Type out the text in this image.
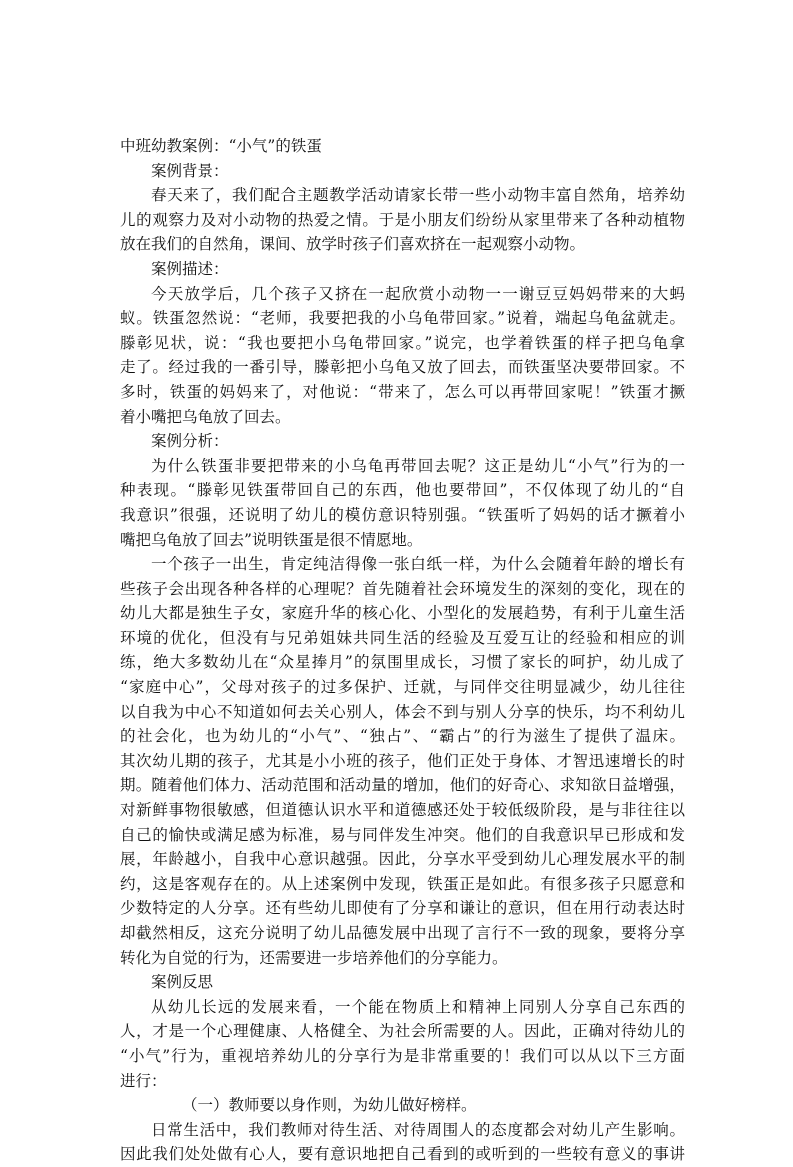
中班幼教案例：“小气”的铁蛋
案例背景：
春天来了，我们配合主题教学活动请家长带一些小动物丰富自然角，培养幼
儿的观察力及对小动物的热爱之情。于是小朋友们纷纷从家里带来了各种动植物
放在我们的自然角，课间、放学时孩子们喜欢挤在一起观察小动物。
案例描述：
今天放学后，几个孩子又挤在一起欣赏小动物一一谢豆豆妈妈带来的大蚂
蚁。铁蛋忽然说：“老师，我要把我的小乌龟带回家。”说着，端起乌龟盆就走。
滕彰见状，说：“我也要把小乌龟带回家。”说完，也学着铁蛋的样子把乌龟拿
走了。经过我的一番引导，滕彰把小乌龟又放了回去，而铁蛋坚决要带回家。不
多时，铁蛋的妈妈来了，对他说：“带来了，怎么可以再带回家呢！”铁蛋才撅
着小嘴把乌龟放了回去。
案例分析：
为什么铁蛋非要把带来的小乌龟再带回去呢？这正是幼儿“小气”行为的一
种表现。“滕彰见铁蛋带回自己的东西，他也要带回”，不仅体现了幼儿的“自
我意识”很强，还说明了幼儿的模仿意识特别强。“铁蛋听了妈妈的话才撅着小
嘴把乌龟放了回去”说明铁蛋是很不情愿地。
一个孩子一出生，肯定纯洁得像一张白纸一样，为什么会随着年龄的增长有
些孩子会出现各种各样的心理呢？首先随着社会环境发生的深刻的变化，现在的
幼儿大都是独生子女，家庭升华的核心化、小型化的发展趋势，有利于儿童生活
环境的优化，但没有与兄弟姐妹共同生活的经验及互爱互让的经验和相应的训
练，绝大多数幼儿在“众星捧月”的氛围里成长，习惯了家长的呵护，幼儿成了
“家庭中心”，父母对孩子的过多保护、迁就，与同伴交往明显减少，幼儿往往
以自我为中心不知道如何去关心别人，体会不到与别人分享的快乐，均不利幼儿
的社会化，也为幼儿的“小气”、“独占”、“霸占”的行为滋生了提供了温床。
其次幼儿期的孩子，尤其是小小班的孩子，他们正处于身体、才智迅速增长的时
期。随着他们体力、活动范围和活动量的增加，他们的好奇心、求知欲日益增强，
对新鲜事物很敏感，但道德认识水平和道德感还处于较低级阶段，是与非往往以
自己的愉快或满足感为标准，易与同伴发生冲突。他们的自我意识早已形成和发
展，年龄越小，自我中心意识越强。因此，分享水平受到幼儿心理发展水平的制
约，这是客观存在的。从上述案例中发现，铁蛋正是如此。有很多孩子只愿意和
少数特定的人分享。还有些幼儿即使有了分享和谦让的意识，但在用行动表达时
却截然相反，这充分说明了幼儿品德发展中出现了言行不一致的现象，要将分享
转化为自觉的行为，还需要进一步培养他们的分享能力。
案例反思
从幼儿长远的发展来看，一个能在物质上和精神上同别人分享自己东西的
人，才是一个心理健康、人格健全、为社会所需要的人。因此，正确对待幼儿的
“小气”行为，重视培养幼儿的分享行为是非常重要的！我们可以从以下三方面
进行：
（一）教师要以身作则，为幼儿做好榜样。
日常生活中，我们教师对待生活、对待周围人的态度都会对幼儿产生影响。
因此我们处处做有心人，要有意识地把自己看到的或听到的一些较有意义的事讲
